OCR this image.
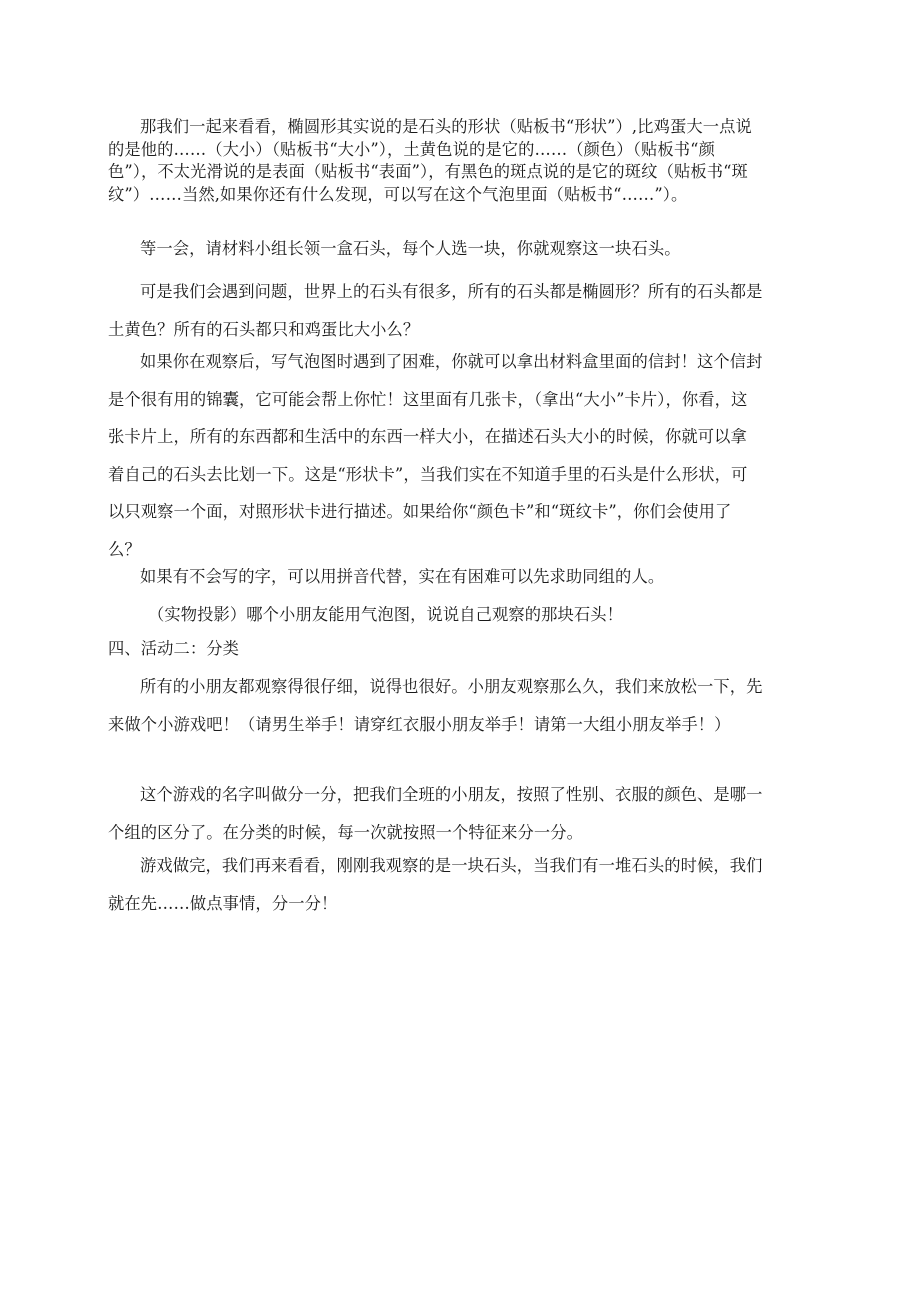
那我们一起来看看，椭圆形其实说的是石头的形状（贴板书“形状”）,比鸡蛋大一点说的是他的……（大小）（贴板书“大小”），土黄色说的是它的……（颜色）（贴板书“颜色”），不太光滑说的是表面（贴板书“表面”），有黑色的斑点说的是它的斑纹（贴板书“斑纹”）……当然,如果你还有什么发现，可以写在这个气泡里面（贴板书“……”）。

等一会，请材料小组长领一盒石头，每个人选一块，你就观察这一块石头。

可是我们会遇到问题，世界上的石头有很多，所有的石头都是椭圆形？所有的石头都是土黄色？所有的石头都只和鸡蛋比大小么？

如果你在观察后，写气泡图时遇到了困难，你就可以拿出材料盒里面的信封！这个信封是个很有用的锦囊，它可能会帮上你忙！这里面有几张卡，（拿出“大小”卡片），你看，这张卡片上，所有的东西都和生活中的东西一样大小，在描述石头大小的时候，你就可以拿着自己的石头去比划一下。这是“形状卡”，当我们实在不知道手里的石头是什么形状，可以只观察一个面，对照形状卡进行描述。如果给你“颜色卡”和“斑纹卡”，你们会使用了么？

如果有不会写的字，可以用拼音代替，实在有困难可以先求助同组的人。

（实物投影）哪个小朋友能用气泡图，说说自己观察的那块石头！

四、活动二：分类

所有的小朋友都观察得很仔细，说得也很好。小朋友观察那么久，我们来放松一下，先来做个小游戏吧！（请男生举手！请穿红衣服小朋友举手！请第一大组小朋友举手！）

这个游戏的名字叫做分一分，把我们全班的小朋友，按照了性别、衣服的颜色、是哪一个组的区分了。在分类的时候，每一次就按照一个特征来分一分。

游戏做完，我们再来看看，刚刚我观察的是一块石头，当我们有一堆石头的时候，我们就在先……做点事情，分一分！
